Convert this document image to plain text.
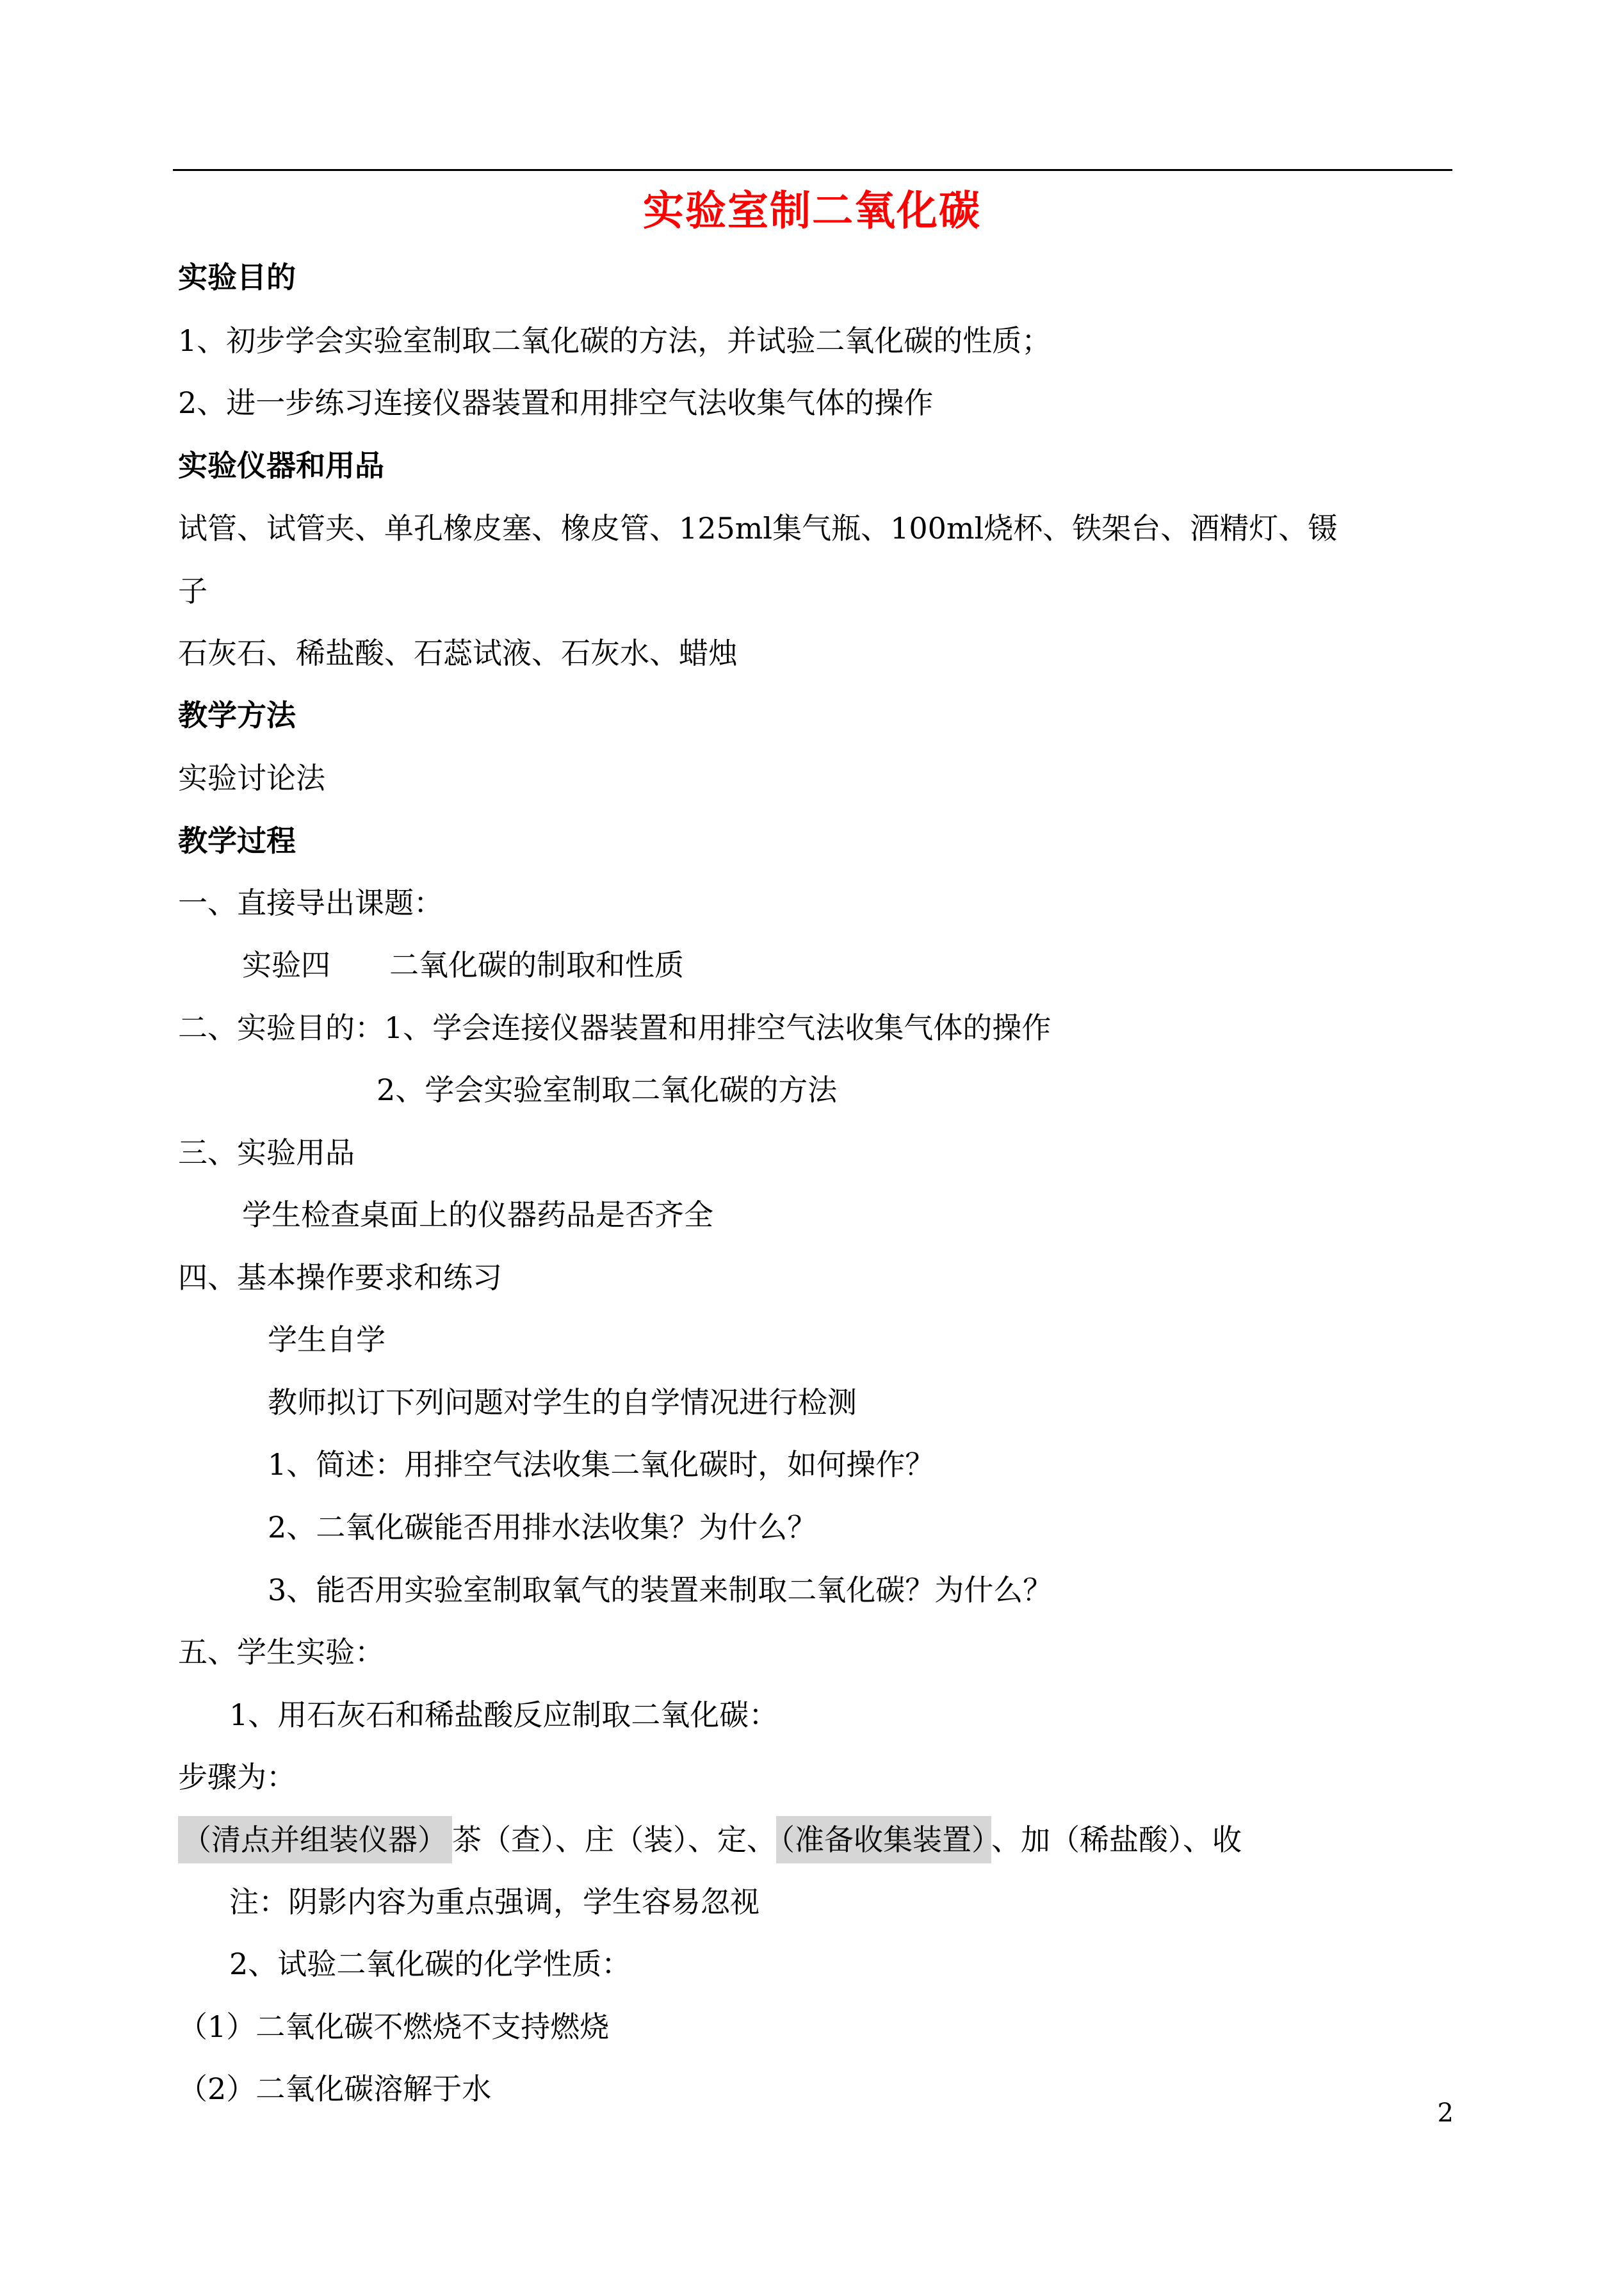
实验室制二氧化碳
实验目的
1、初步学会实验室制取二氧化碳的方法，并试验二氧化碳的性质；
2、进一步练习连接仪器装置和用排空气法收集气体的操作
实验仪器和用品
试管、试管夹、单孔橡皮塞、橡皮管、125ml集气瓶、100ml烧杯、铁架台、酒精灯、镊
子
石灰石、稀盐酸、石蕊试液、石灰水、蜡烛
教学方法
实验讨论法
教学过程
一、直接导出课题：
实验四　　二氧化碳的制取和性质
二、实验目的：1、学会连接仪器装置和用排空气法收集气体的操作
2、学会实验室制取二氧化碳的方法
三、实验用品
学生检查桌面上的仪器药品是否齐全
四、基本操作要求和练习
学生自学
教师拟订下列问题对学生的自学情况进行检测
1、简述：用排空气法收集二氧化碳时，如何操作？
2、二氧化碳能否用排水法收集？为什么？
3、能否用实验室制取氧气的装置来制取二氧化碳？为什么？
五、学生实验：
1、用石灰石和稀盐酸反应制取二氧化碳：
步骤为：
（清点并组装仪器） 茶（查）、庄（装）、定、 （准备收集装置） 、加（稀盐酸）、收
注：阴影内容为重点强调，学生容易忽视
2、试验二氧化碳的化学性质：
（1）二氧化碳不燃烧不支持燃烧
（2）二氧化碳溶解于水
2
